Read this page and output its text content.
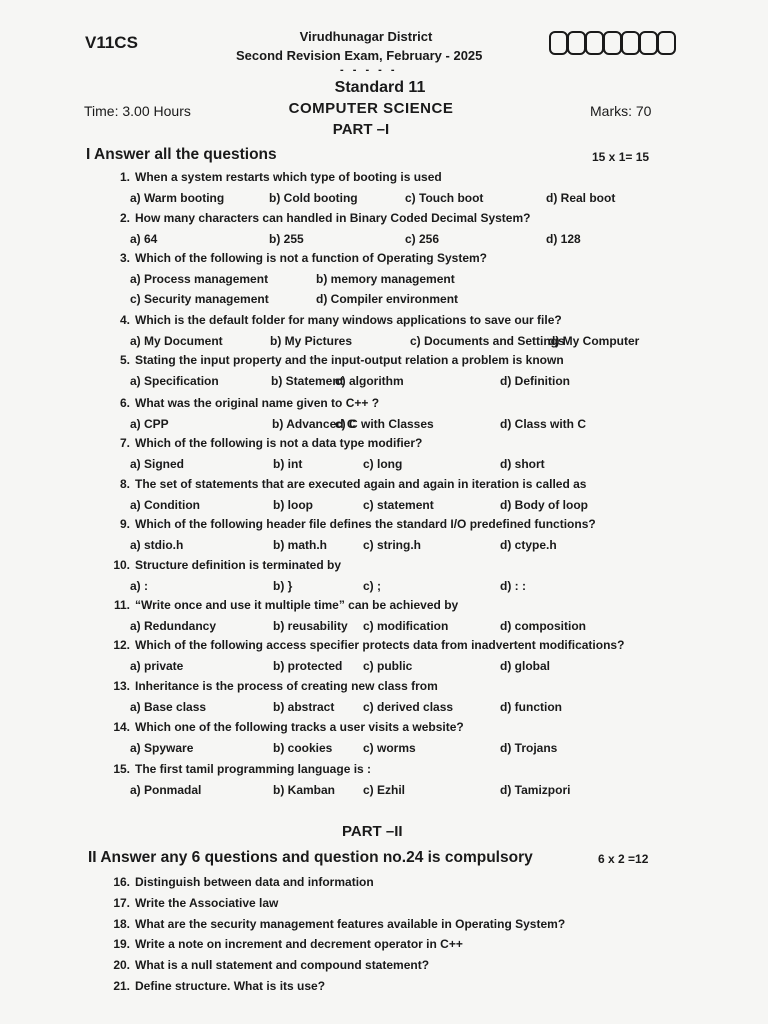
V11CS	Virudhunagar District
Second Revision Exam, February - 2025
- - - - -
Standard 11
COMPUTER SCIENCE
Time: 3.00 Hours	Marks: 70
PART –I
I Answer all the questions	15 x 1= 15
1. When a system restarts which type of booting is used
a) Warm booting	b) Cold booting	c) Touch boot	d) Real boot
2. How many characters can handled in Binary Coded Decimal System?
a) 64	b) 255	c) 256	d) 128
3. Which of the following is not a function of Operating System?
a) Process management	b) memory management
c) Security management	d) Compiler environment
4. Which is the default folder for many windows applications to save our file?
a) My Document	b) My Pictures	c) Documents and Settings
d) My Computer
5. Stating the input property and the input-output relation a problem is known
a) Specification	b) Statement
c) algorithm	d) Definition
6. What was the original name given to C++ ?
a) CPP	b) Advanced C
c) C with Classes	d) Class with C
7. Which of the following is not a data type modifier?
a) Signed	b) int	c) long	d) short
8. The set of statements that are executed again and again in iteration is called as
a) Condition	b) loop	c) statement	d) Body of loop
9. Which of the following header file defines the standard I/O predefined functions?
a) stdio.h	b) math.h	c) string.h	d) ctype.h
10. Structure definition is terminated by
a) :	b) }	c) ;	d) : :
11. “Write once and use it multiple time” can be achieved by
a) Redundancy	b) reusability c) modification	d) composition
12. Which of the following access specifier protects data from inadvertent modifications?
a) private	b) protected c) public	d) global
13. Inheritance is the process of creating new class from
a) Base class	b) abstract c) derived class	d) function
14. Which one of the following tracks a user visits a website?
a) Spyware	b) cookies	c) worms	d) Trojans
15. The first tamil programming language is :
a) Ponmadal	b) Kamban c) Ezhil	d) Tamizpori
PART –II
II Answer any 6 questions and question no.24 is compulsory	6 x 2 =12
16. Distinguish between data and information
17. Write the Associative law
18. What are the security management features available in Operating System?
19. Write a note on increment and decrement operator in C++
20. What is a null statement and compound statement?
21. Define structure. What is its use?
